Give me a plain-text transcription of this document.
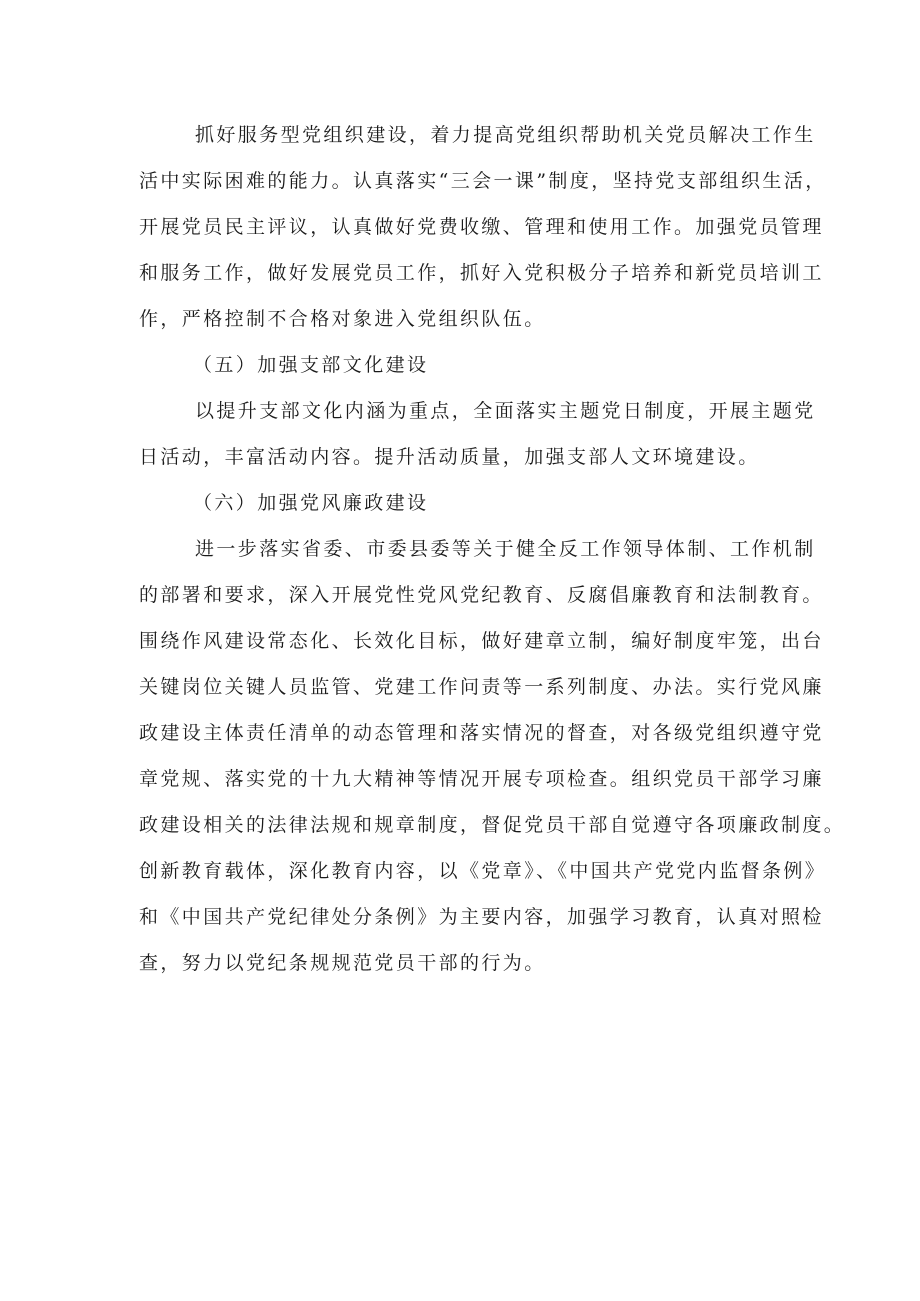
抓好服务型党组织建设，着力提高党组织帮助机关党员解决工作生
活中实际困难的能力。认真落实“三会一课”制度，坚持党支部组织生活，
开展党员民主评议，认真做好党费收缴、管理和使用工作。加强党员管理
和服务工作，做好发展党员工作，抓好入党积极分子培养和新党员培训工
作，严格控制不合格对象进入党组织队伍。
（五）加强支部文化建设
以提升支部文化内涵为重点，全面落实主题党日制度，开展主题党
日活动，丰富活动内容。提升活动质量，加强支部人文环境建设。
（六）加强党风廉政建设
进一步落实省委、市委县委等关于健全反工作领导体制、工作机制
的部署和要求，深入开展党性党风党纪教育、反腐倡廉教育和法制教育。
围绕作风建设常态化、长效化目标，做好建章立制，编好制度牢笼，出台
关键岗位关键人员监管、党建工作问责等一系列制度、办法。实行党风廉
政建设主体责任清单的动态管理和落实情况的督查，对各级党组织遵守党
章党规、落实党的十九大精神等情况开展专项检查。组织党员干部学习廉
政建设相关的法律法规和规章制度，督促党员干部自觉遵守各项廉政制度。
创新教育载体，深化教育内容，以《党章》、《中国共产党党内监督条例》
和《中国共产党纪律处分条例》为主要内容，加强学习教育，认真对照检
查，努力以党纪条规规范党员干部的行为。
